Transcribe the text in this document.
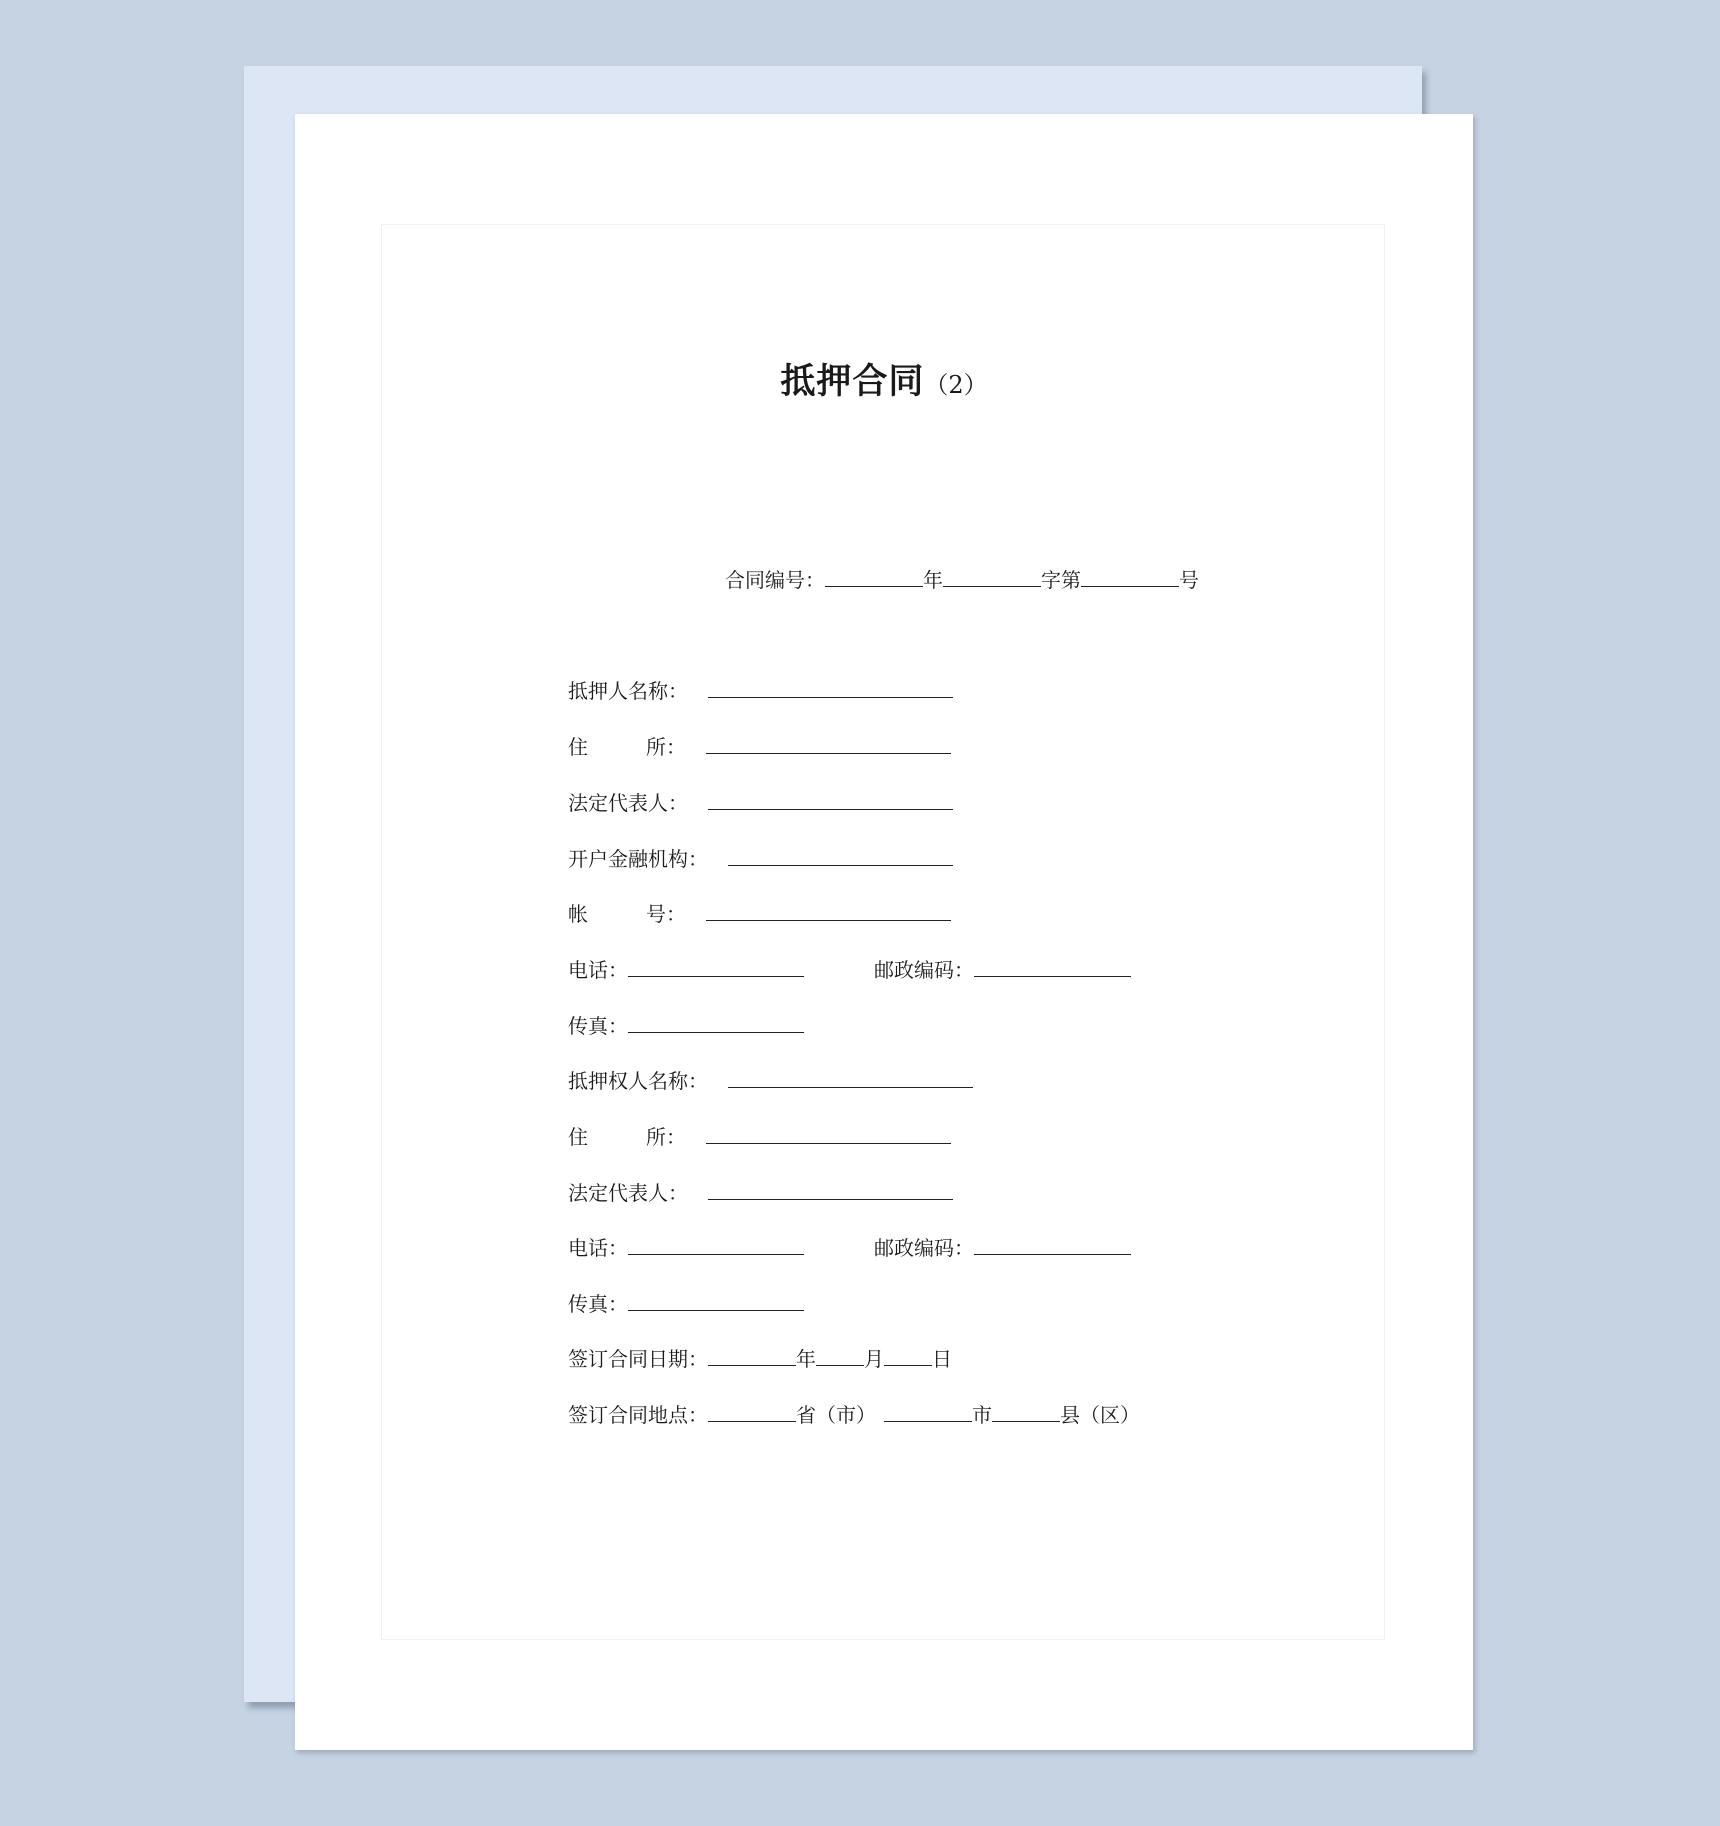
抵押合同（2）
合同编号：	年	字第	号
抵押人名称：
住	所：
法定代表人：
开户金融机构：
帐	号：
电话：	邮政编码：
传真：
抵押权人名称：
住	所：
法定代表人：
电话：	邮政编码：
传真：
签订合同日期：	年 月 日
签订合同地点：	省（市）	市	县（区）
